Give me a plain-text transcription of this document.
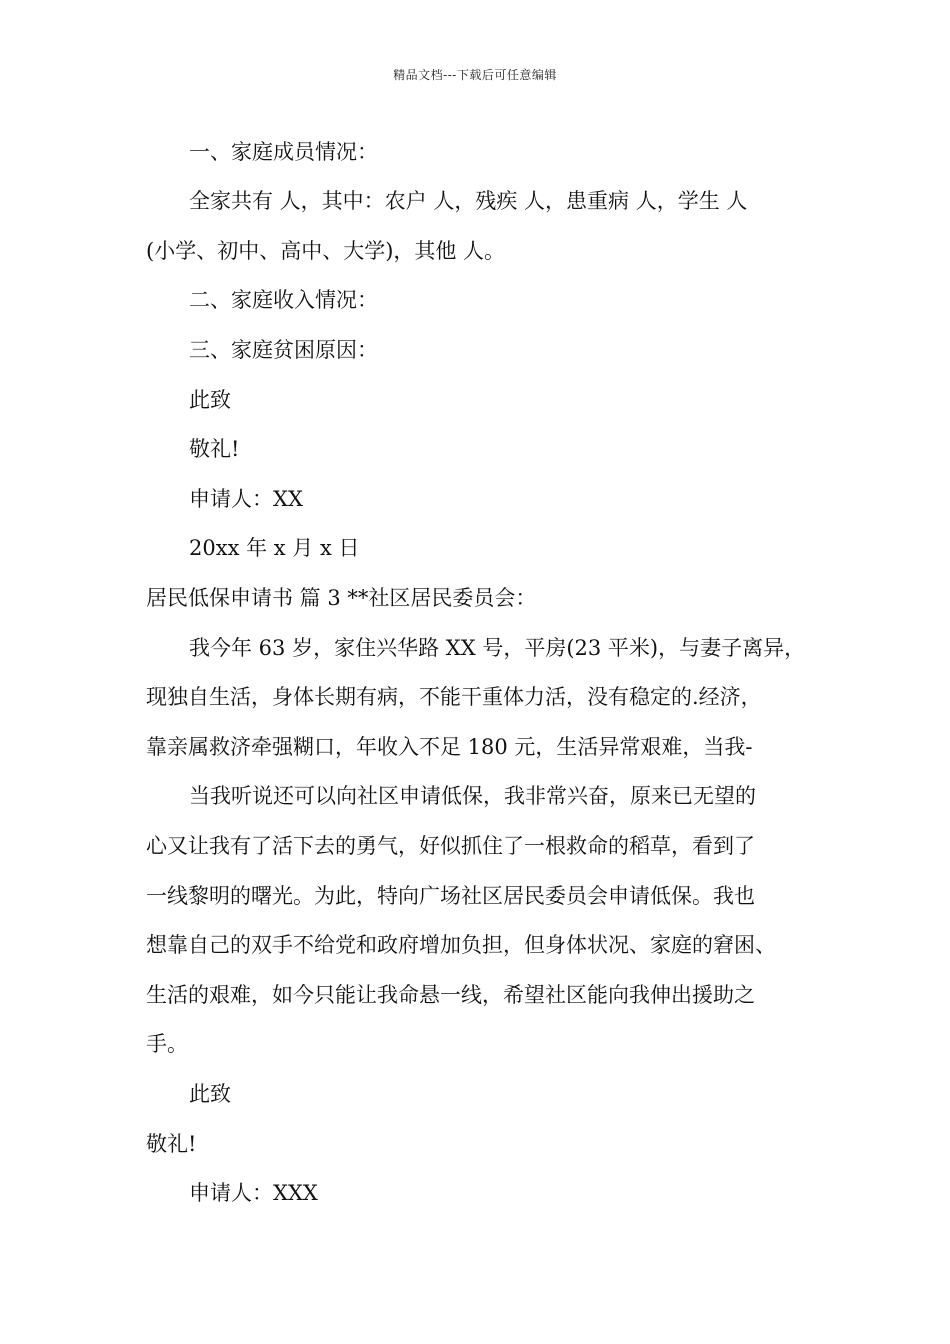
精品文档---下载后可任意编辑
一、家庭成员情况：
全家共有 人，其中：农户 人，残疾 人，患重病 人，学生 人
(小学、初中、高中、大学)，其他 人。
二、家庭收入情况：
三、家庭贫困原因：
此致
敬礼!
申请人：XX
20xx 年 x 月 x 日
居民低保申请书 篇 3 **社区居民委员会：
我今年 63 岁，家住兴华路 XX 号，平房(23 平米)，与妻子离异，
现独自生活，身体长期有病，不能干重体力活，没有稳定的.经济，
靠亲属救济牵强糊口，年收入不足 180 元，生活异常艰难，当我-
当我听说还可以向社区申请低保，我非常兴奋，原来已无望的
心又让我有了活下去的勇气，好似抓住了一根救命的稻草，看到了
一线黎明的曙光。为此，特向广场社区居民委员会申请低保。我也
想靠自己的双手不给党和政府增加负担，但身体状况、家庭的窘困、
生活的艰难，如今只能让我命悬一线，希望社区能向我伸出援助之
手。
此致
敬礼!
申请人：XXX
